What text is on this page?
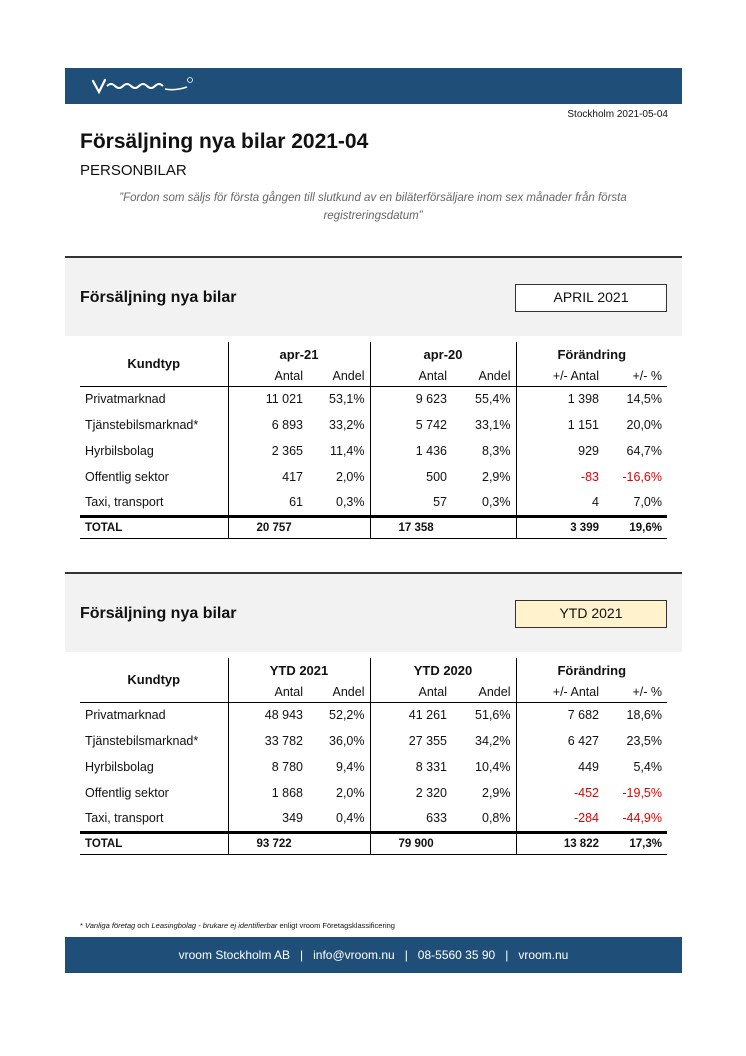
Stockholm 2021-05-04
Försäljning nya bilar 2021-04
PERSONBILAR
”Fordon som säljs för första gången till slutkund av en biläterförsäljare inom sex månader från första registreringsdatum”
Försäljning nya bilar	APRIL 2021
Kundtyp	apr-21		apr-20		Förändring	
	Antal	Andel	Antal	Andel	+/- Antal	+/- %
Privatmarknad	11 021	53,1%	9 623	55,4%	1 398	14,5%
Tjänstebilsmarknad*	6 893	33,2%	5 742	33,1%	1 151	20,0%
Hyrbilsbolag	2 365	11,4%	1 436	8,3%	929	64,7%
Offentlig sektor	417	2,0%	500	2,9%	-83	-16,6%
Taxi, transport	61	0,3%	57	0,3%	4	7,0%
TOTAL	20 757		17 358		3 399	19,6%
Försäljning nya bilar	YTD 2021
Kundtyp	YTD 2021		YTD 2020		Förändring	
	Antal	Andel	Antal	Andel	+/- Antal	+/- %
Privatmarknad	48 943	52,2%	41 261	51,6%	7 682	18,6%
Tjänstebilsmarknad*	33 782	36,0%	27 355	34,2%	6 427	23,5%
Hyrbilsbolag	8 780	9,4%	8 331	10,4%	449	5,4%
Offentlig sektor	1 868	2,0%	2 320	2,9%	-452	-19,5%
Taxi, transport	349	0,4%	633	0,8%	-284	-44,9%
TOTAL	93 722		79 900		13 822	17,3%
* Vanliga företag och Leasingbolag - brukare ej identifierbar enligt vroom Företagsklassificering
vroom Stockholm AB   |   info@vroom.nu   |   08-5560 35 90   |   vroom.nu
